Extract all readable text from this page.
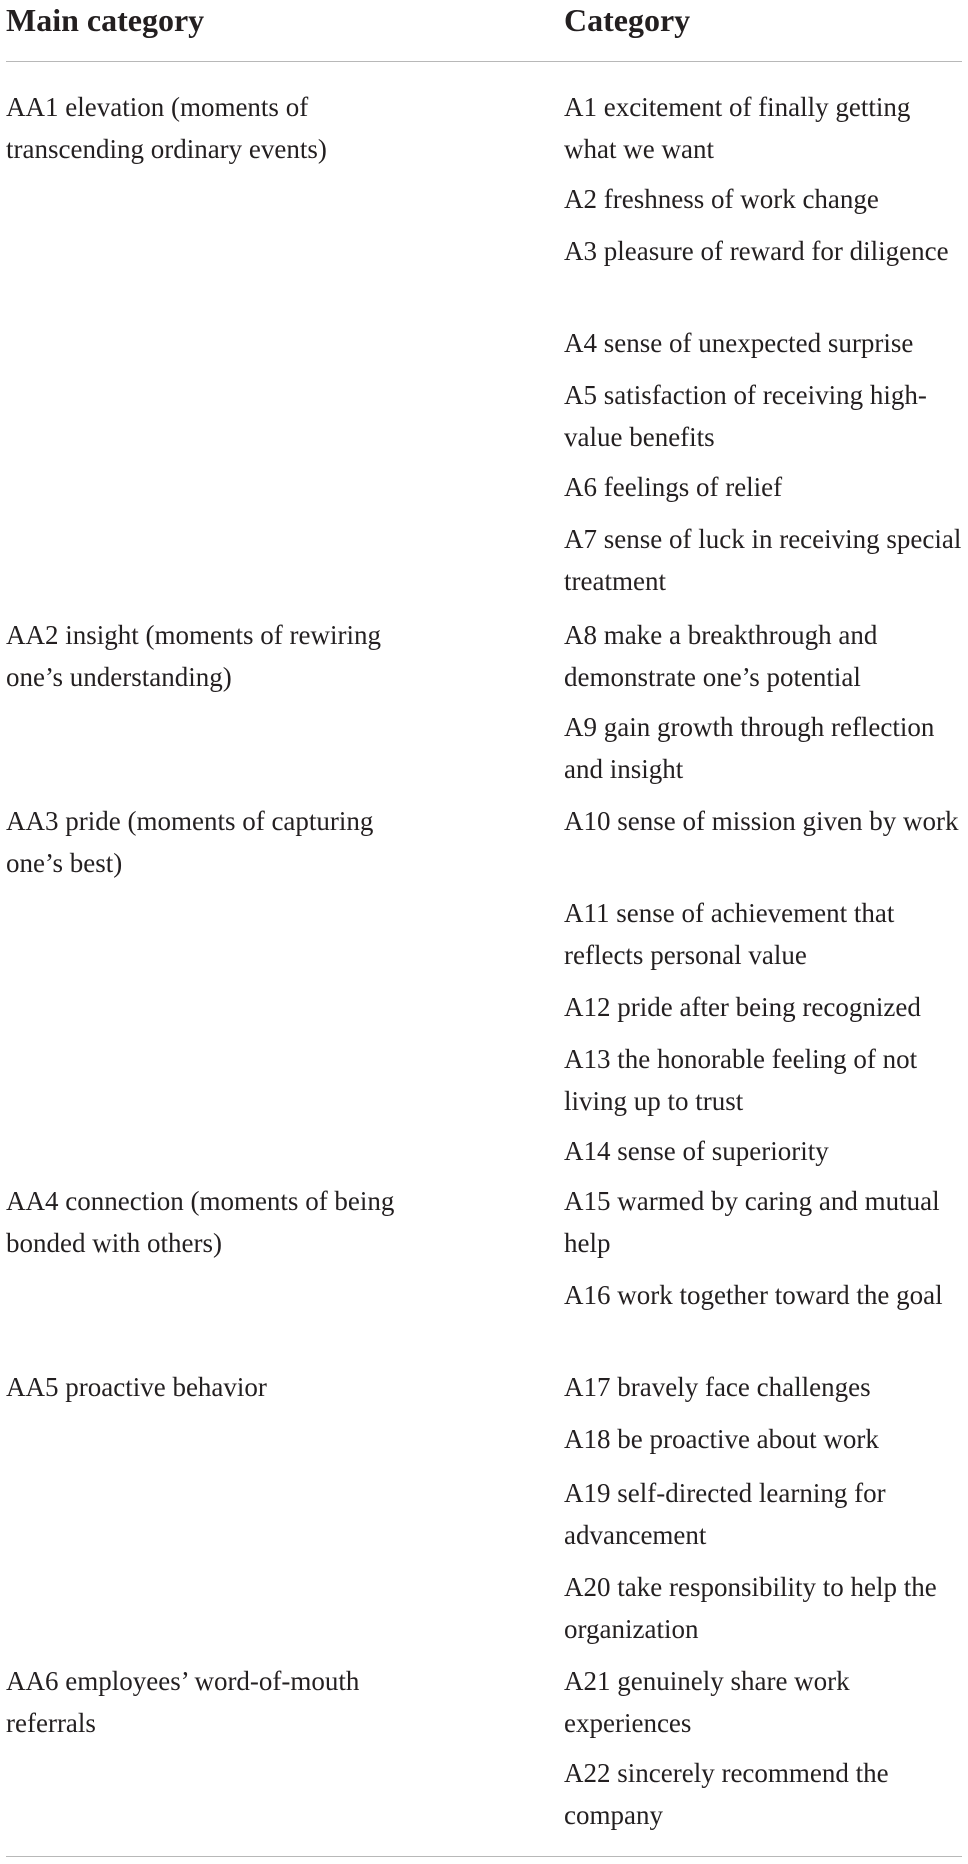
Main category	Category
AA1 elevation (moments of transcending ordinary events)
AA2 insight (moments of rewiring one’s understanding)
AA3 pride (moments of capturing one’s best)
AA4 connection (moments of being bonded with others)
AA5 proactive behavior
AA6 employees’ word-of-mouth referrals
A1 excitement of finally getting what we want
A2 freshness of work change
A3 pleasure of reward for diligence
A4 sense of unexpected surprise
A5 satisfaction of receiving high-value benefits
A6 feelings of relief
A7 sense of luck in receiving special treatment
A8 make a breakthrough and demonstrate one’s potential
A9 gain growth through reflection and insight
A10 sense of mission given by work
A11 sense of achievement that reflects personal value
A12 pride after being recognized
A13 the honorable feeling of not living up to trust
A14 sense of superiority
A15 warmed by caring and mutual help
A16 work together toward the goal
A17 bravely face challenges
A18 be proactive about work
A19 self-directed learning for advancement
A20 take responsibility to help the organization
A21 genuinely share work experiences
A22 sincerely recommend the company
